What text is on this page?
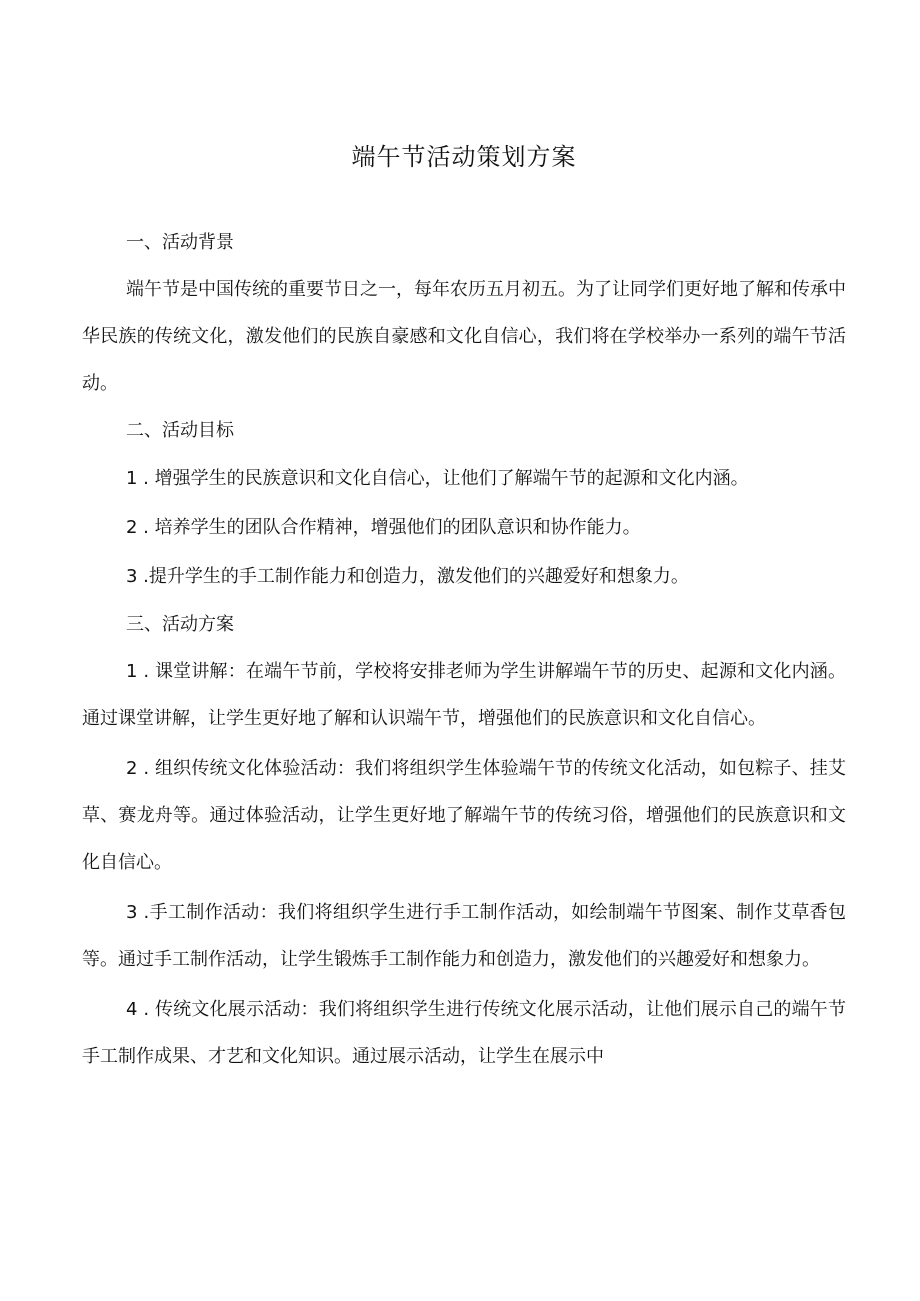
端午节活动策划方案

一、活动背景

端午节是中国传统的重要节日之一，每年农历五月初五。为了让同学们更好地了解和传承中华民族的传统文化，激发他们的民族自豪感和文化自信心，我们将在学校举办一系列的端午节活动。

二、活动目标

1 . 增强学生的民族意识和文化自信心，让他们了解端午节的起源和文化内涵。

2 . 培养学生的团队合作精神，增强他们的团队意识和协作能力。

3 .提升学生的手工制作能力和创造力，激发他们的兴趣爱好和想象力。

三、活动方案

1 . 课堂讲解：在端午节前，学校将安排老师为学生讲解端午节的历史、起源和文化内涵。通过课堂讲解，让学生更好地了解和认识端午节，增强他们的民族意识和文化自信心。

2 . 组织传统文化体验活动：我们将组织学生体验端午节的传统文化活动，如包粽子、挂艾草、赛龙舟等。通过体验活动，让学生更好地了解端午节的传统习俗，增强他们的民族意识和文化自信心。

3 .手工制作活动：我们将组织学生进行手工制作活动，如绘制端午节图案、制作艾草香包等。通过手工制作活动，让学生锻炼手工制作能力和创造力，激发他们的兴趣爱好和想象力。

4 . 传统文化展示活动：我们将组织学生进行传统文化展示活动，让他们展示自己的端午节手工制作成果、才艺和文化知识。通过展示活动，让学生在展示中
